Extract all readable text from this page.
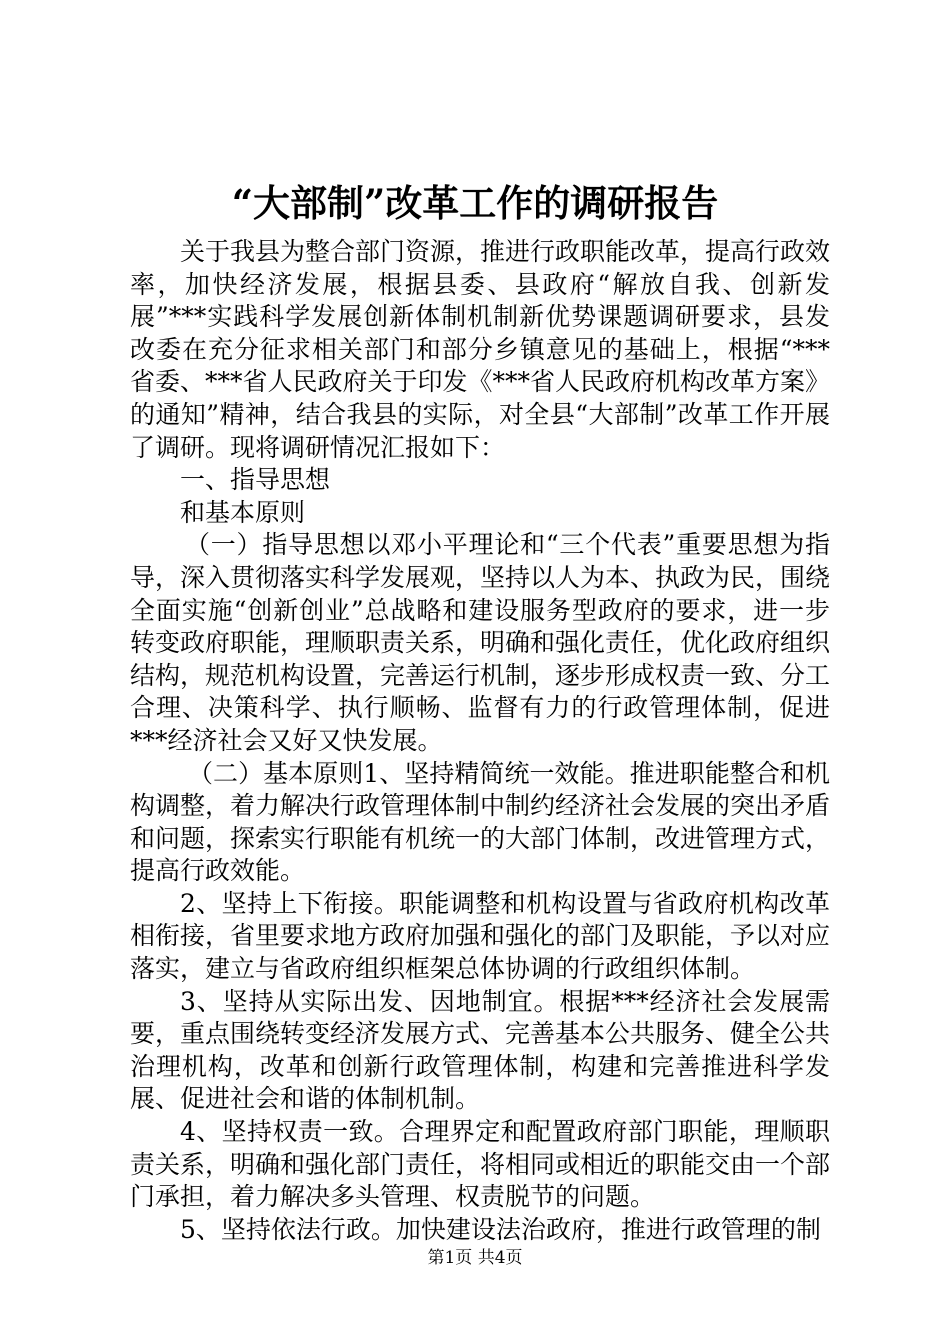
“大部制”改革工作的调研报告

关于我县为整合部门资源，推进行政职能改革，提高行政效率，加快经济发展，根据县委、县政府“解放自我、创新发展”***实践科学发展创新体制机制新优势课题调研要求，县发改委在充分征求相关部门和部分乡镇意见的基础上，根据“***省委、***省人民政府关于印发《***省人民政府机构改革方案》的通知”精神，结合我县的实际，对全县“大部制”改革工作开展了调研。现将调研情况汇报如下：

一、指导思想

和基本原则

（一）指导思想以邓小平理论和“三个代表”重要思想为指导，深入贯彻落实科学发展观，坚持以人为本、执政为民，围绕全面实施“创新创业”总战略和建设服务型政府的要求，进一步转变政府职能，理顺职责关系，明确和强化责任，优化政府组织结构，规范机构设置，完善运行机制，逐步形成权责一致、分工合理、决策科学、执行顺畅、监督有力的行政管理体制，促进***经济社会又好又快发展。

（二）基本原则1、坚持精简统一效能。推进职能整合和机构调整，着力解决行政管理体制中制约经济社会发展的突出矛盾和问题，探索实行职能有机统一的大部门体制，改进管理方式，提高行政效能。

2、坚持上下衔接。职能调整和机构设置与省政府机构改革相衔接，省里要求地方政府加强和强化的部门及职能，予以对应落实，建立与省政府组织框架总体协调的行政组织体制。

3、坚持从实际出发、因地制宜。根据***经济社会发展需要，重点围绕转变经济发展方式、完善基本公共服务、健全公共治理机构，改革和创新行政管理体制，构建和完善推进科学发展、促进社会和谐的体制机制。

4、坚持权责一致。合理界定和配置政府部门职能，理顺职责关系，明确和强化部门责任，将相同或相近的职能交由一个部门承担，着力解决多头管理、权责脱节的问题。

5、坚持依法行政。加快建设法治政府，推进行政管理的制

第1页 共4页
